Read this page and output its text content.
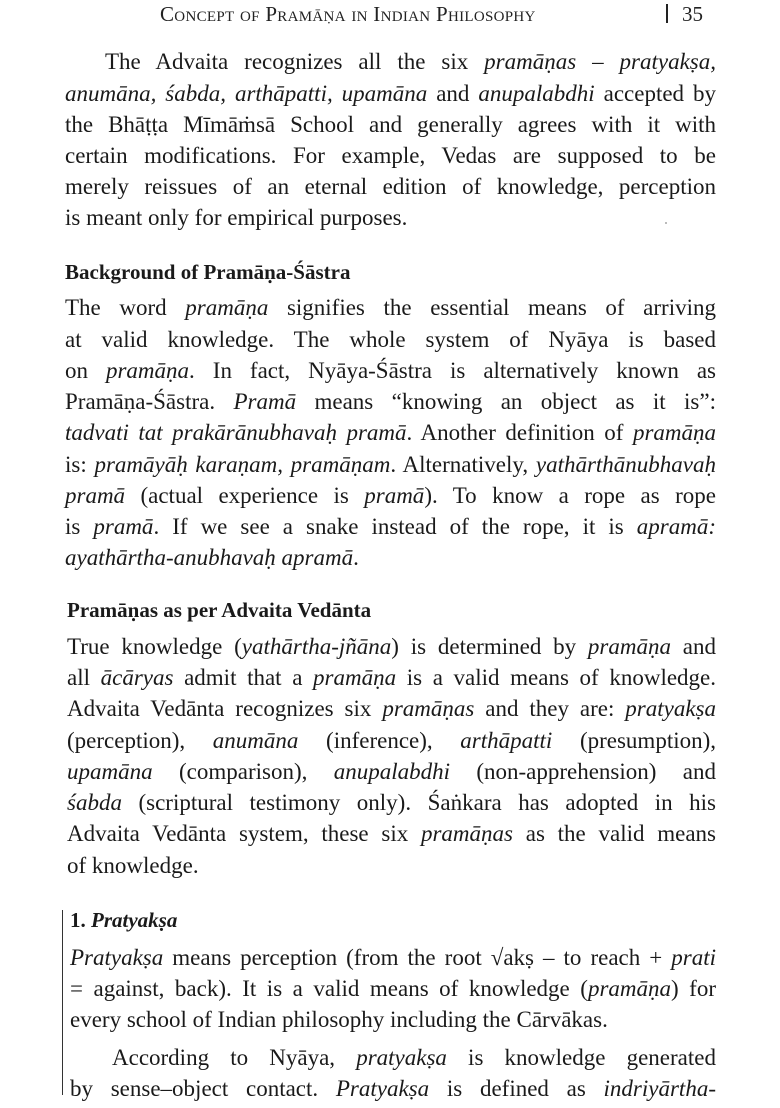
Concept of Pramāṇa in Indian Philosophy	35
The Advaita recognizes all the six pramāṇas – pratyakṣa,
anumāna, śabda, arthāpatti, upamāna and anupalabdhi accepted by
the Bhāṭṭa Mīmāṁsā School and generally agrees with it with
certain modifications. For example, Vedas are supposed to be
merely reissues of an eternal edition of knowledge, perception
is meant only for empirical purposes.
Background of Pramāṇa-Śāstra
The word pramāṇa signifies the essential means of arriving
at valid knowledge. The whole system of Nyāya is based
on pramāṇa. In fact, Nyāya-Śāstra is alternatively known as
Pramāṇa-Śāstra. Pramā means “knowing an object as it is”:
tadvati tat prakārānubhavaḥ pramā. Another definition of pramāṇa
is: pramāyāḥ karaṇam, pramāṇam. Alternatively, yathārthānubhavaḥ
pramā (actual experience is pramā). To know a rope as rope
is pramā. If we see a snake instead of the rope, it is apramā:
ayathārtha-anubhavaḥ apramā.
Pramāṇas as per Advaita Vedānta
True knowledge (yathārtha-jñāna) is determined by pramāṇa and
all ācāryas admit that a pramāṇa is a valid means of knowledge.
Advaita Vedānta recognizes six pramāṇas and they are: pratyakṣa
(perception), anumāna (inference), arthāpatti (presumption),
upamāna (comparison), anupalabdhi (non-apprehension) and
śabda (scriptural testimony only). Śaṅkara has adopted in his
Advaita Vedānta system, these six pramāṇas as the valid means
of knowledge.
1. Pratyakṣa
Pratyakṣa means perception (from the root √akṣ – to reach + prati
= against, back). It is a valid means of knowledge (pramāṇa) for
every school of Indian philosophy including the Cārvākas.
According to Nyāya, pratyakṣa is knowledge generated
by sense–object contact. Pratyakṣa is defined as indriyārtha-
